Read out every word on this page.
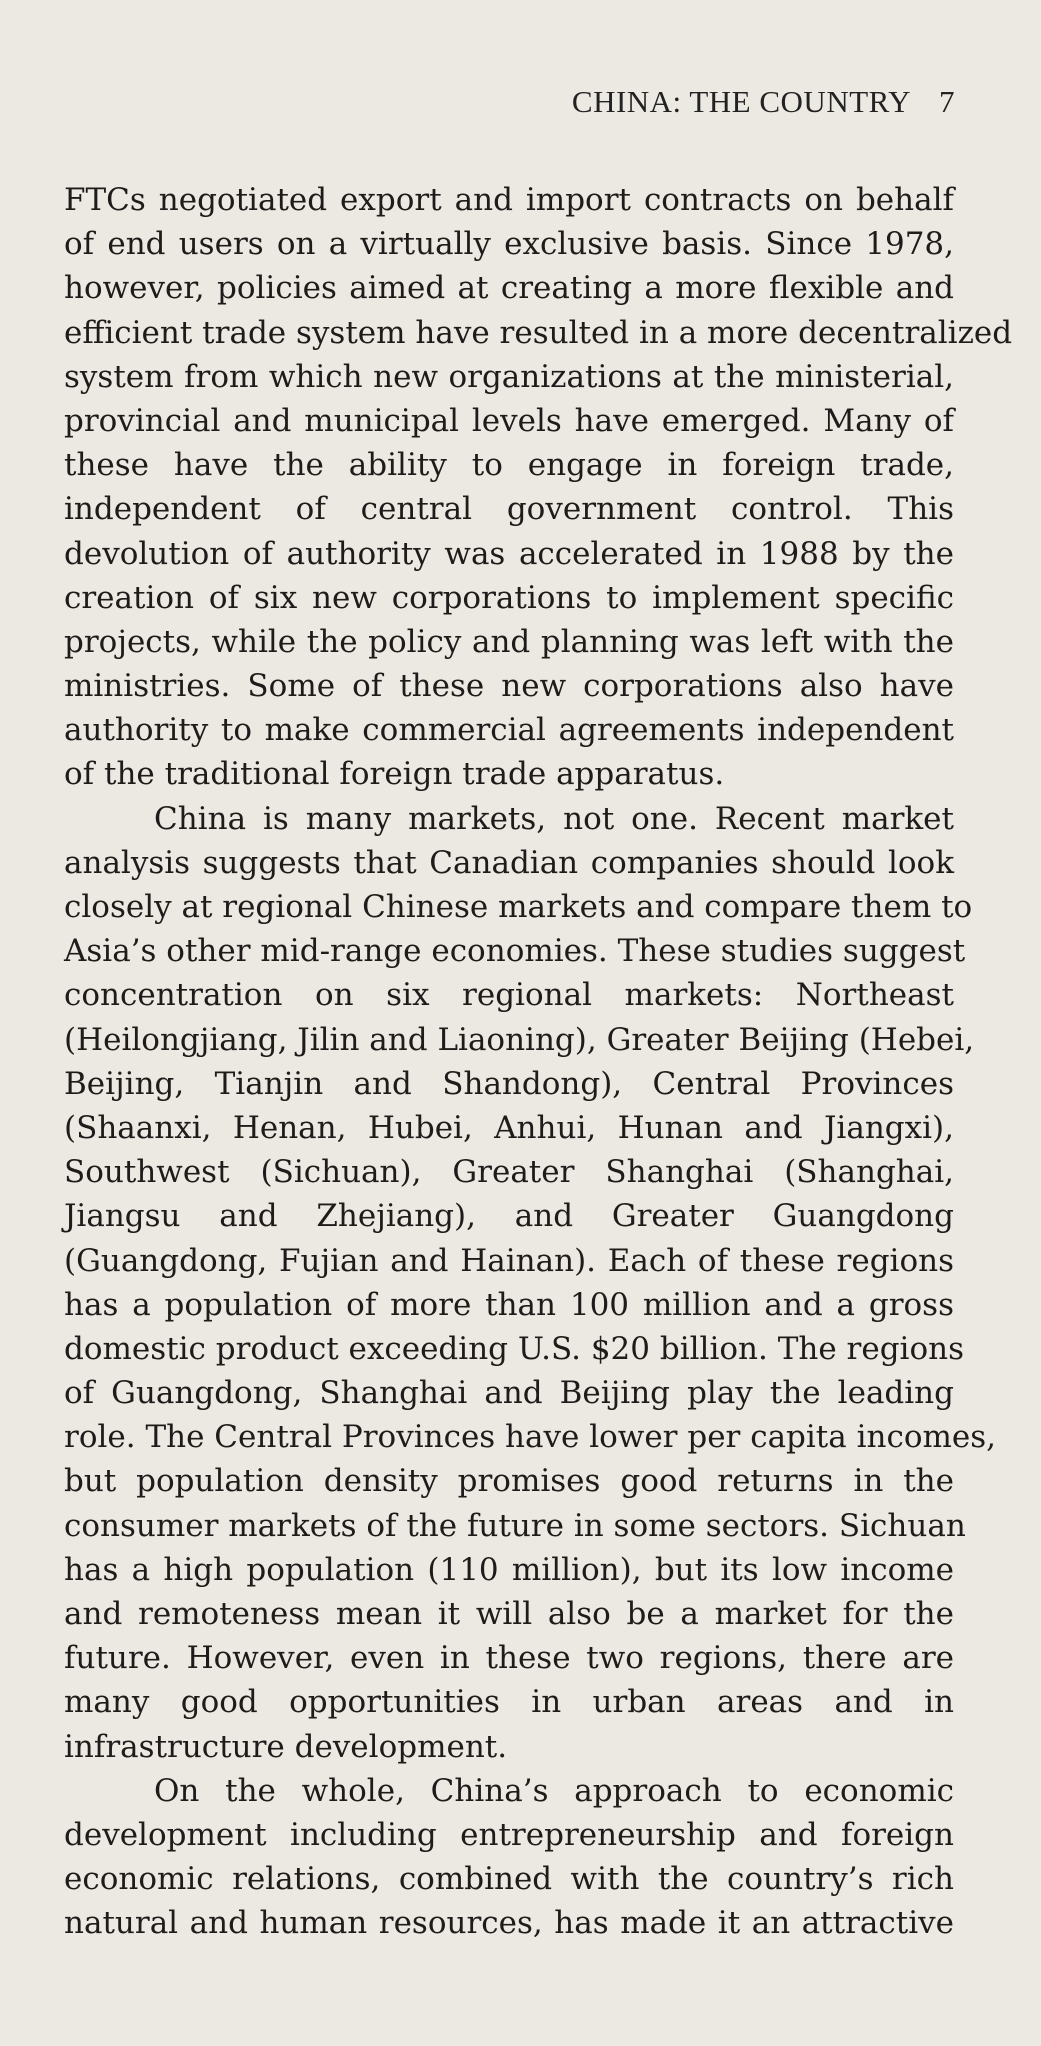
CHINA: THE COUNTRY 7
FTCs negotiated export and import contracts on behalf
of end users on a virtually exclusive basis. Since 1978,
however, policies aimed at creating a more flexible and
efficient trade system have resulted in a more decentralized
system from which new organizations at the ministerial,
provincial and municipal levels have emerged. Many of
these have the ability to engage in foreign trade,
independent of central government control. This
devolution of authority was accelerated in 1988 by the
creation of six new corporations to implement specific
projects, while the policy and planning was left with the
ministries. Some of these new corporations also have
authority to make commercial agreements independent
of the traditional foreign trade apparatus.
China is many markets, not one. Recent market
analysis suggests that Canadian companies should look
closely at regional Chinese markets and compare them to
Asia’s other mid-range economies. These studies suggest
concentration on six regional markets: Northeast
(Heilongjiang, Jilin and Liaoning), Greater Beijing (Hebei,
Beijing, Tianjin and Shandong), Central Provinces
(Shaanxi, Henan, Hubei, Anhui, Hunan and Jiangxi),
Southwest (Sichuan), Greater Shanghai (Shanghai,
Jiangsu and Zhejiang), and Greater Guangdong
(Guangdong, Fujian and Hainan). Each of these regions
has a population of more than 100 million and a gross
domestic product exceeding U.S. $20 billion. The regions
of Guangdong, Shanghai and Beijing play the leading
role. The Central Provinces have lower per capita incomes,
but population density promises good returns in the
consumer markets of the future in some sectors. Sichuan
has a high population (110 million), but its low income
and remoteness mean it will also be a market for the
future. However, even in these two regions, there are
many good opportunities in urban areas and in
infrastructure development.
On the whole, China’s approach to economic
development including entrepreneurship and foreign
economic relations, combined with the country’s rich
natural and human resources, has made it an attractive
